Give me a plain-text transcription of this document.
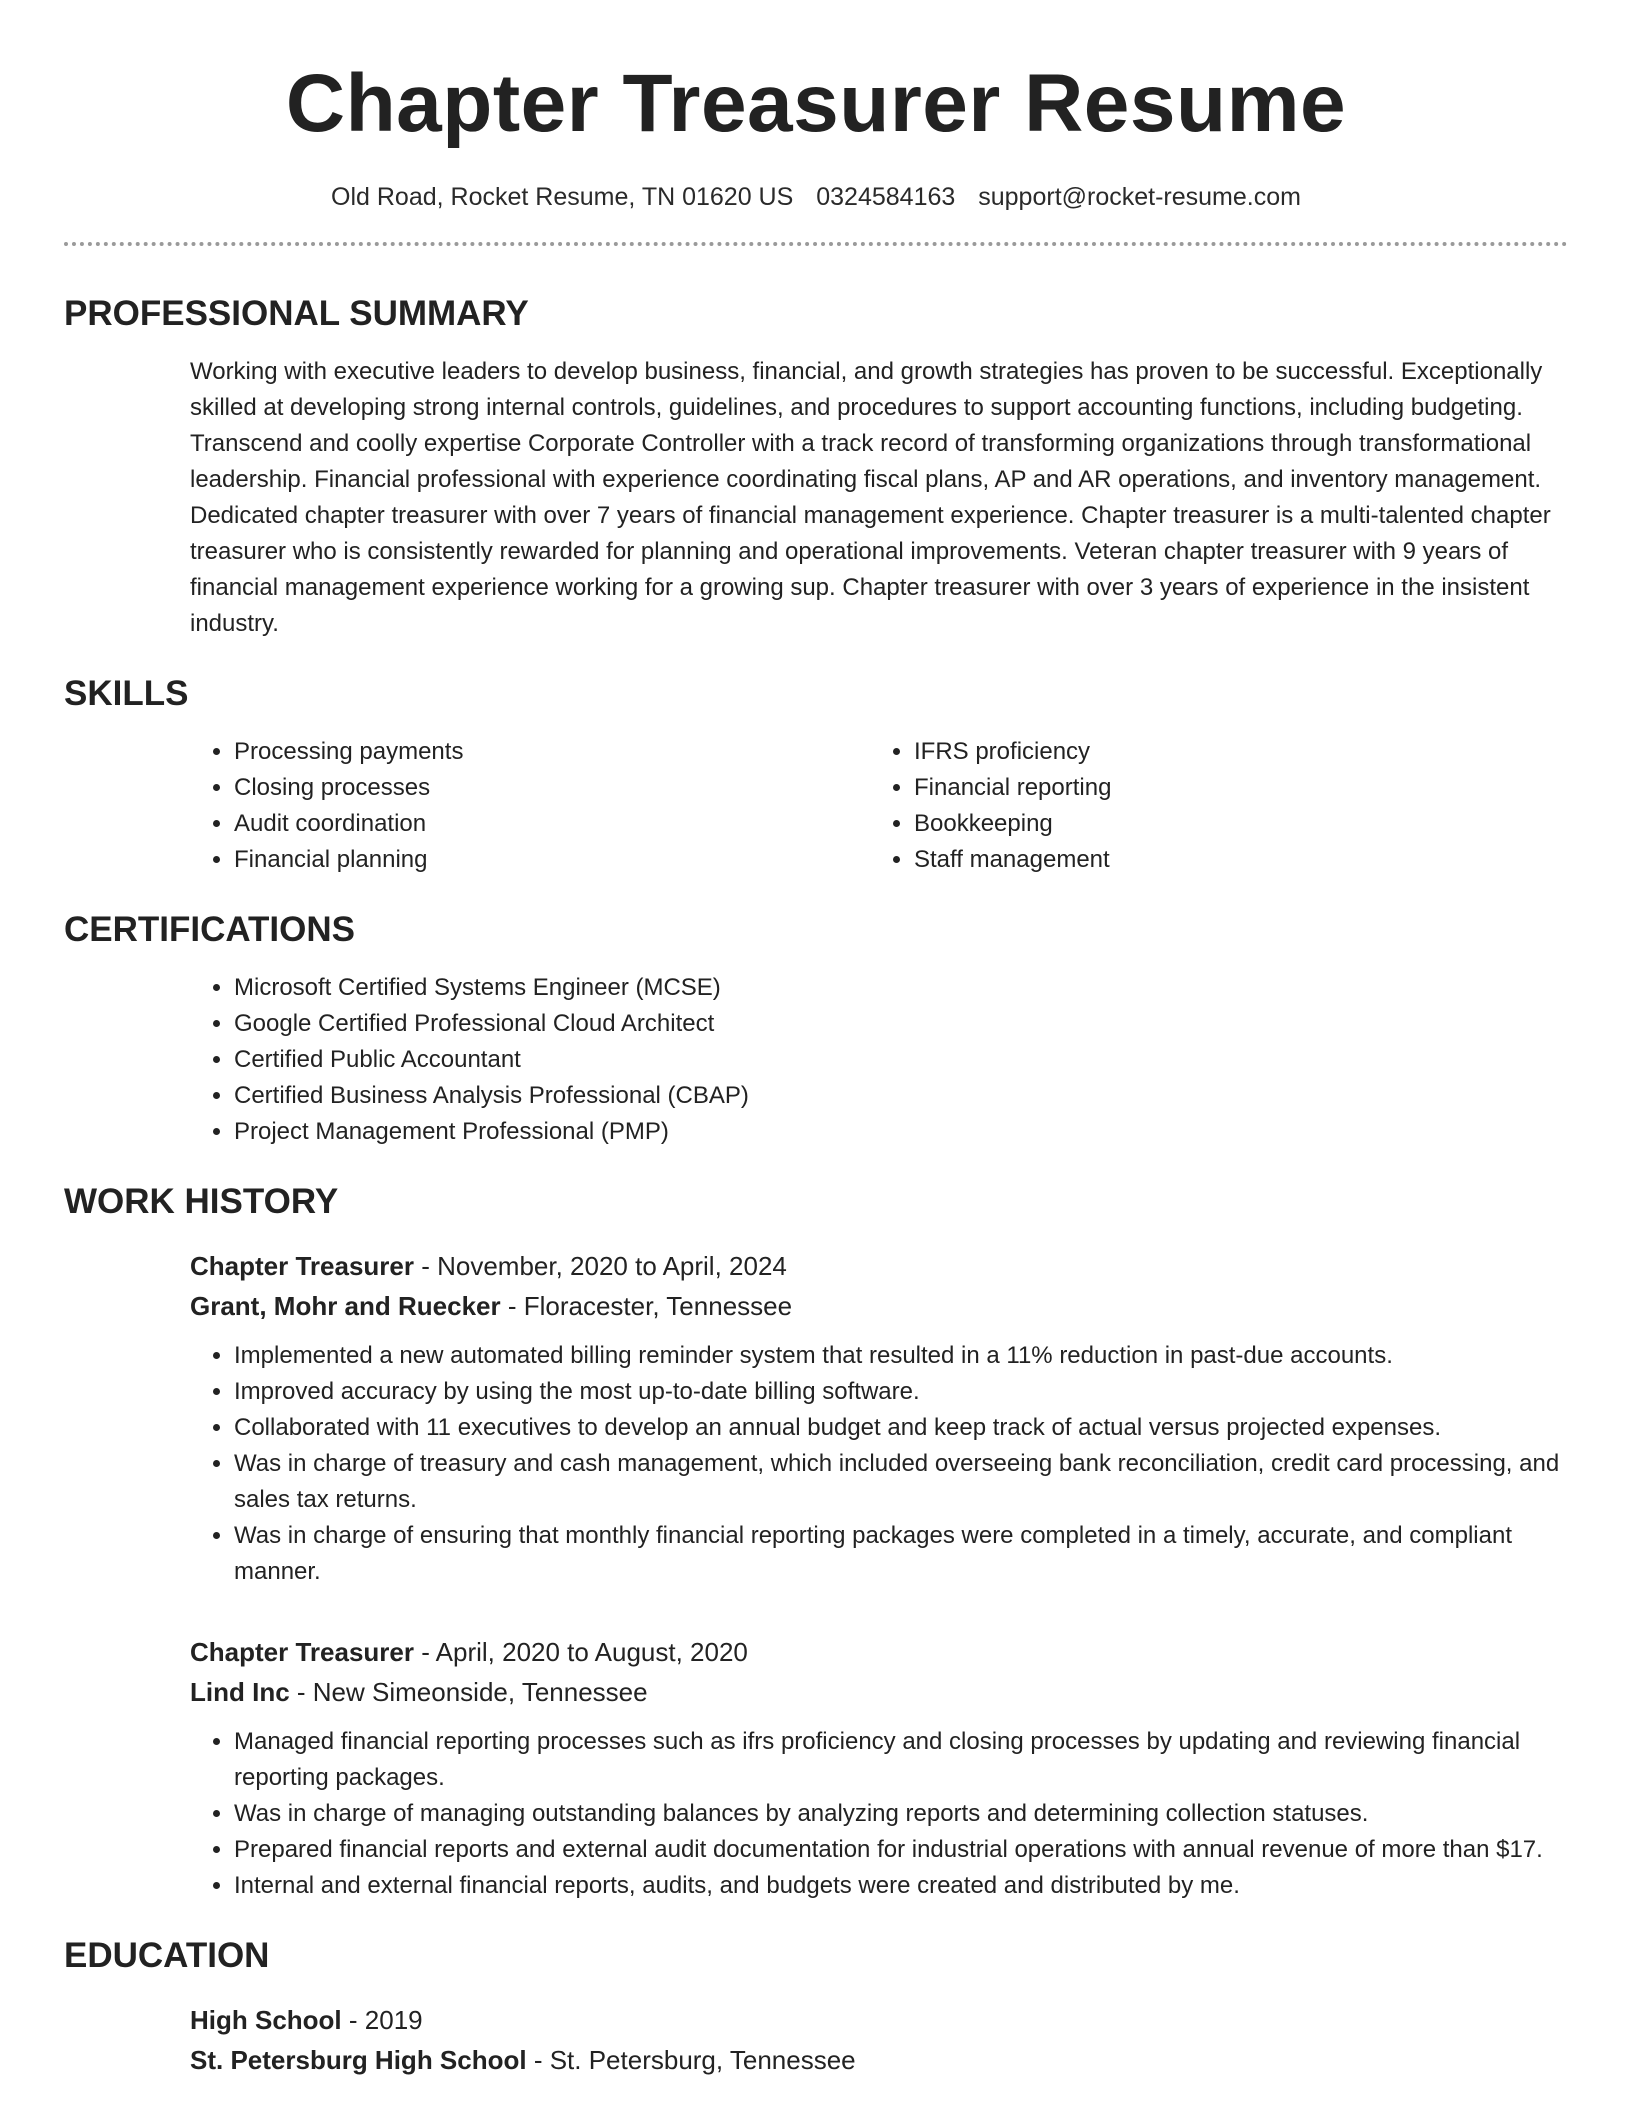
Chapter Treasurer Resume
Old Road, Rocket Resume, TN 01620 US 0324584163 support@rocket-resume.com
PROFESSIONAL SUMMARY
Working with executive leaders to develop business, financial, and growth strategies has proven to be successful. Exceptionally skilled at developing strong internal controls, guidelines, and procedures to support accounting functions, including budgeting. Transcend and coolly expertise Corporate Controller with a track record of transforming organizations through transformational leadership. Financial professional with experience coordinating fiscal plans, AP and AR operations, and inventory management. Dedicated chapter treasurer with over 7 years of financial management experience. Chapter treasurer is a multi-talented chapter treasurer who is consistently rewarded for planning and operational improvements. Veteran chapter treasurer with 9 years of financial management experience working for a growing sup. Chapter treasurer with over 3 years of experience in the insistent industry.
SKILLS
• Processing payments
• Closing processes
• Audit coordination
• Financial planning
• IFRS proficiency
• Financial reporting
• Bookkeeping
• Staff management
CERTIFICATIONS
• Microsoft Certified Systems Engineer (MCSE)
• Google Certified Professional Cloud Architect
• Certified Public Accountant
• Certified Business Analysis Professional (CBAP)
• Project Management Professional (PMP)
WORK HISTORY
Chapter Treasurer - November, 2020 to April, 2024
Grant, Mohr and Ruecker - Floracester, Tennessee
• Implemented a new automated billing reminder system that resulted in a 11% reduction in past-due accounts.
• Improved accuracy by using the most up-to-date billing software.
• Collaborated with 11 executives to develop an annual budget and keep track of actual versus projected expenses.
• Was in charge of treasury and cash management, which included overseeing bank reconciliation, credit card processing, and sales tax returns.
• Was in charge of ensuring that monthly financial reporting packages were completed in a timely, accurate, and compliant manner.
Chapter Treasurer - April, 2020 to August, 2020
Lind Inc - New Simeonside, Tennessee
• Managed financial reporting processes such as ifrs proficiency and closing processes by updating and reviewing financial reporting packages.
• Was in charge of managing outstanding balances by analyzing reports and determining collection statuses.
• Prepared financial reports and external audit documentation for industrial operations with annual revenue of more than $17.
• Internal and external financial reports, audits, and budgets were created and distributed by me.
EDUCATION
High School - 2019
St. Petersburg High School - St. Petersburg, Tennessee
